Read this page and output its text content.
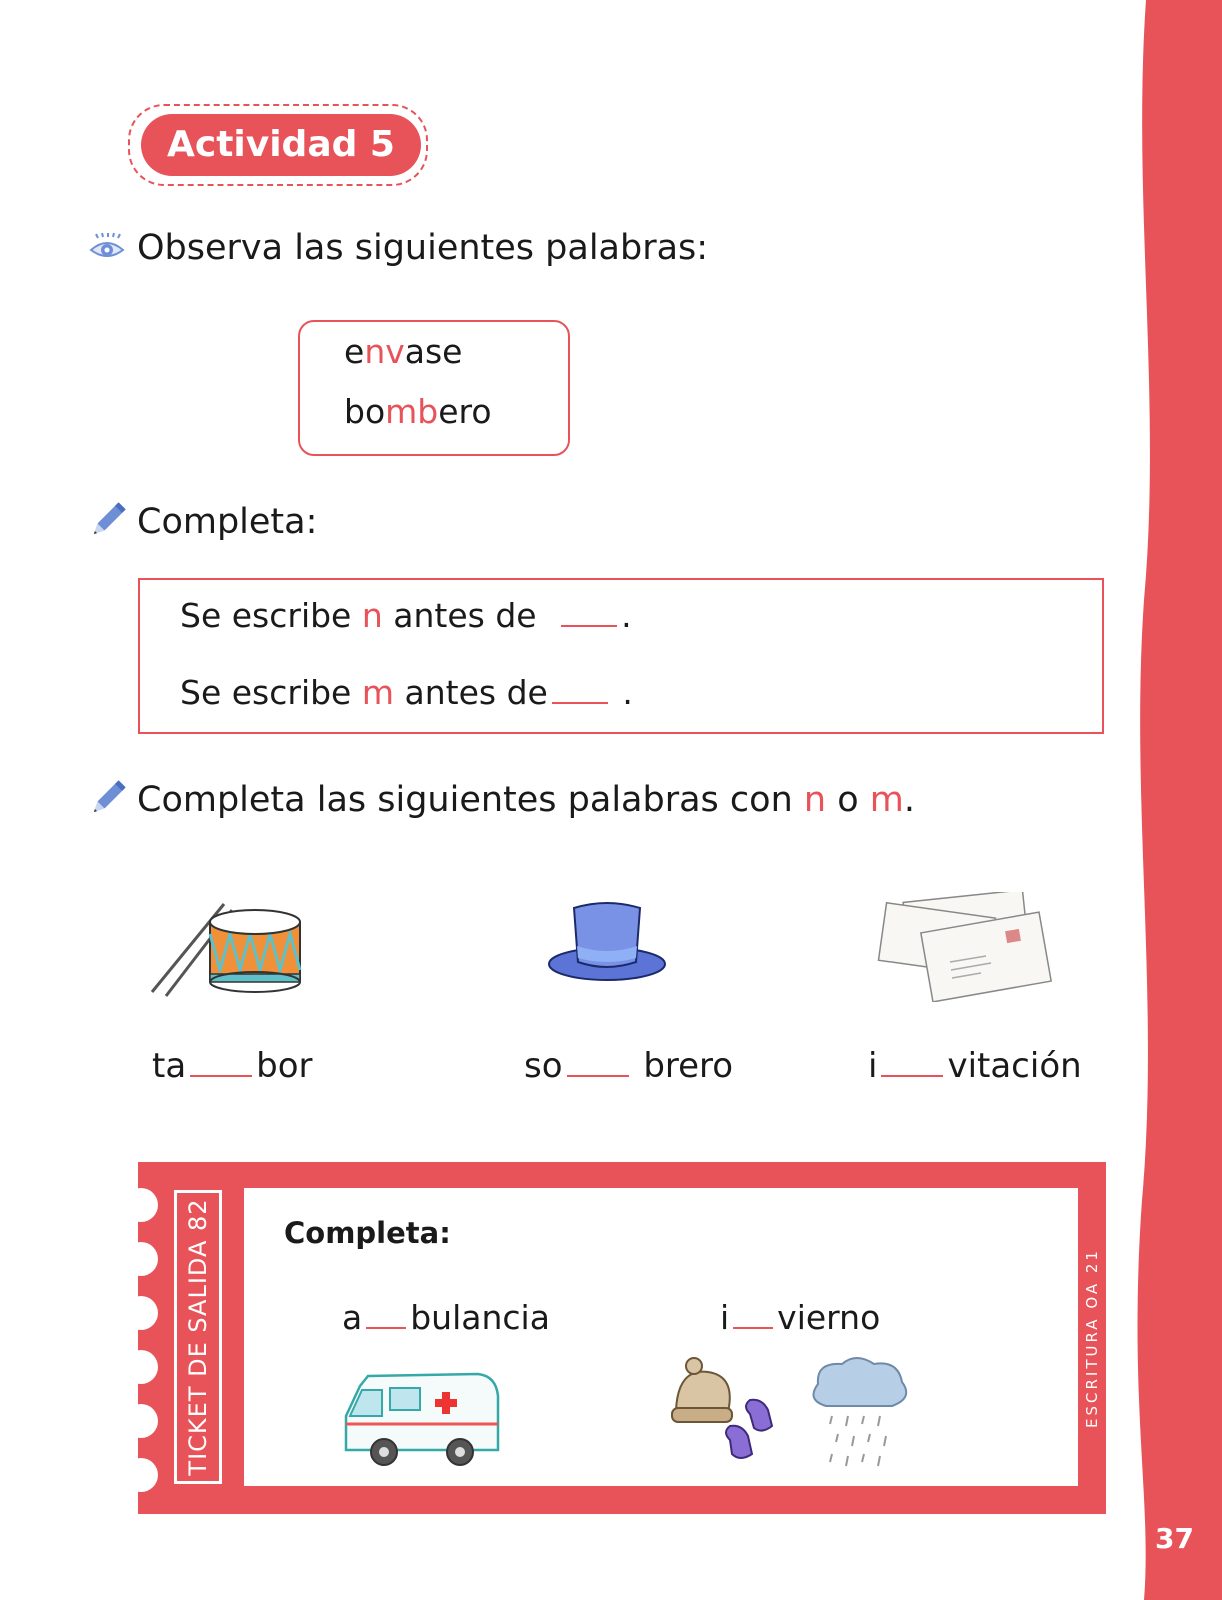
37
Actividad 5
Observa las siguientes palabras:
envase
bombero
Completa:
Se escribe n antes de .
Se escribe m antes de .
Completa las siguientes palabras con n o m.
ta bor	so brero	i vitación
TICKET DE SALIDA 82	ESCRITURA OA 21
Completa:
a bulancia	i vierno
